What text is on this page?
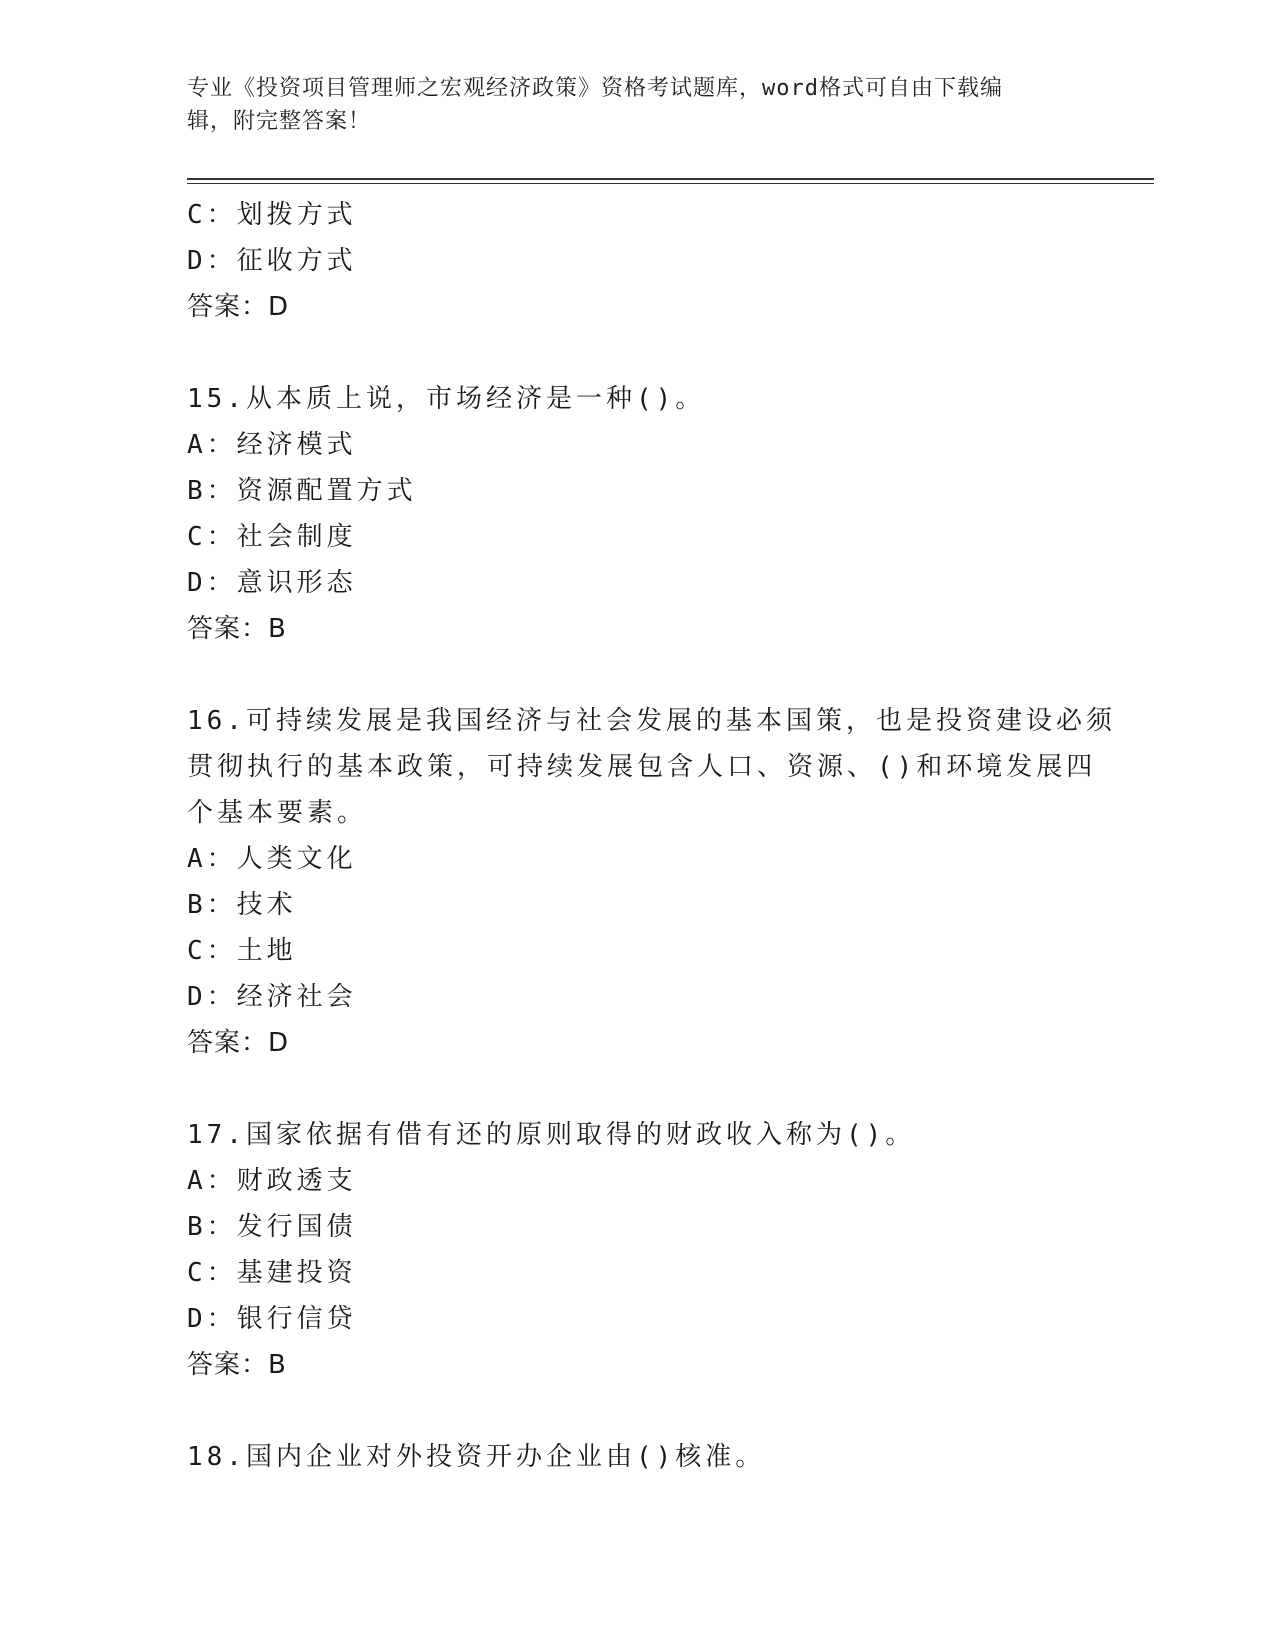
专业《投资项目管理师之宏观经济政策》资格考试题库，word格式可自由下载编
辑，附完整答案！
C：划拨方式
D：征收方式
答案：D
15.从本质上说，市场经济是一种()。
A：经济模式
B：资源配置方式
C：社会制度
D：意识形态
答案：B
16.可持续发展是我国经济与社会发展的基本国策，也是投资建设必须
贯彻执行的基本政策，可持续发展包含人口、资源、()和环境发展四
个基本要素。
A：人类文化
B：技术
C：土地
D：经济社会
答案：D
17.国家依据有借有还的原则取得的财政收入称为()。
A：财政透支
B：发行国债
C：基建投资
D：银行信贷
答案：B
18.国内企业对外投资开办企业由()核准。
